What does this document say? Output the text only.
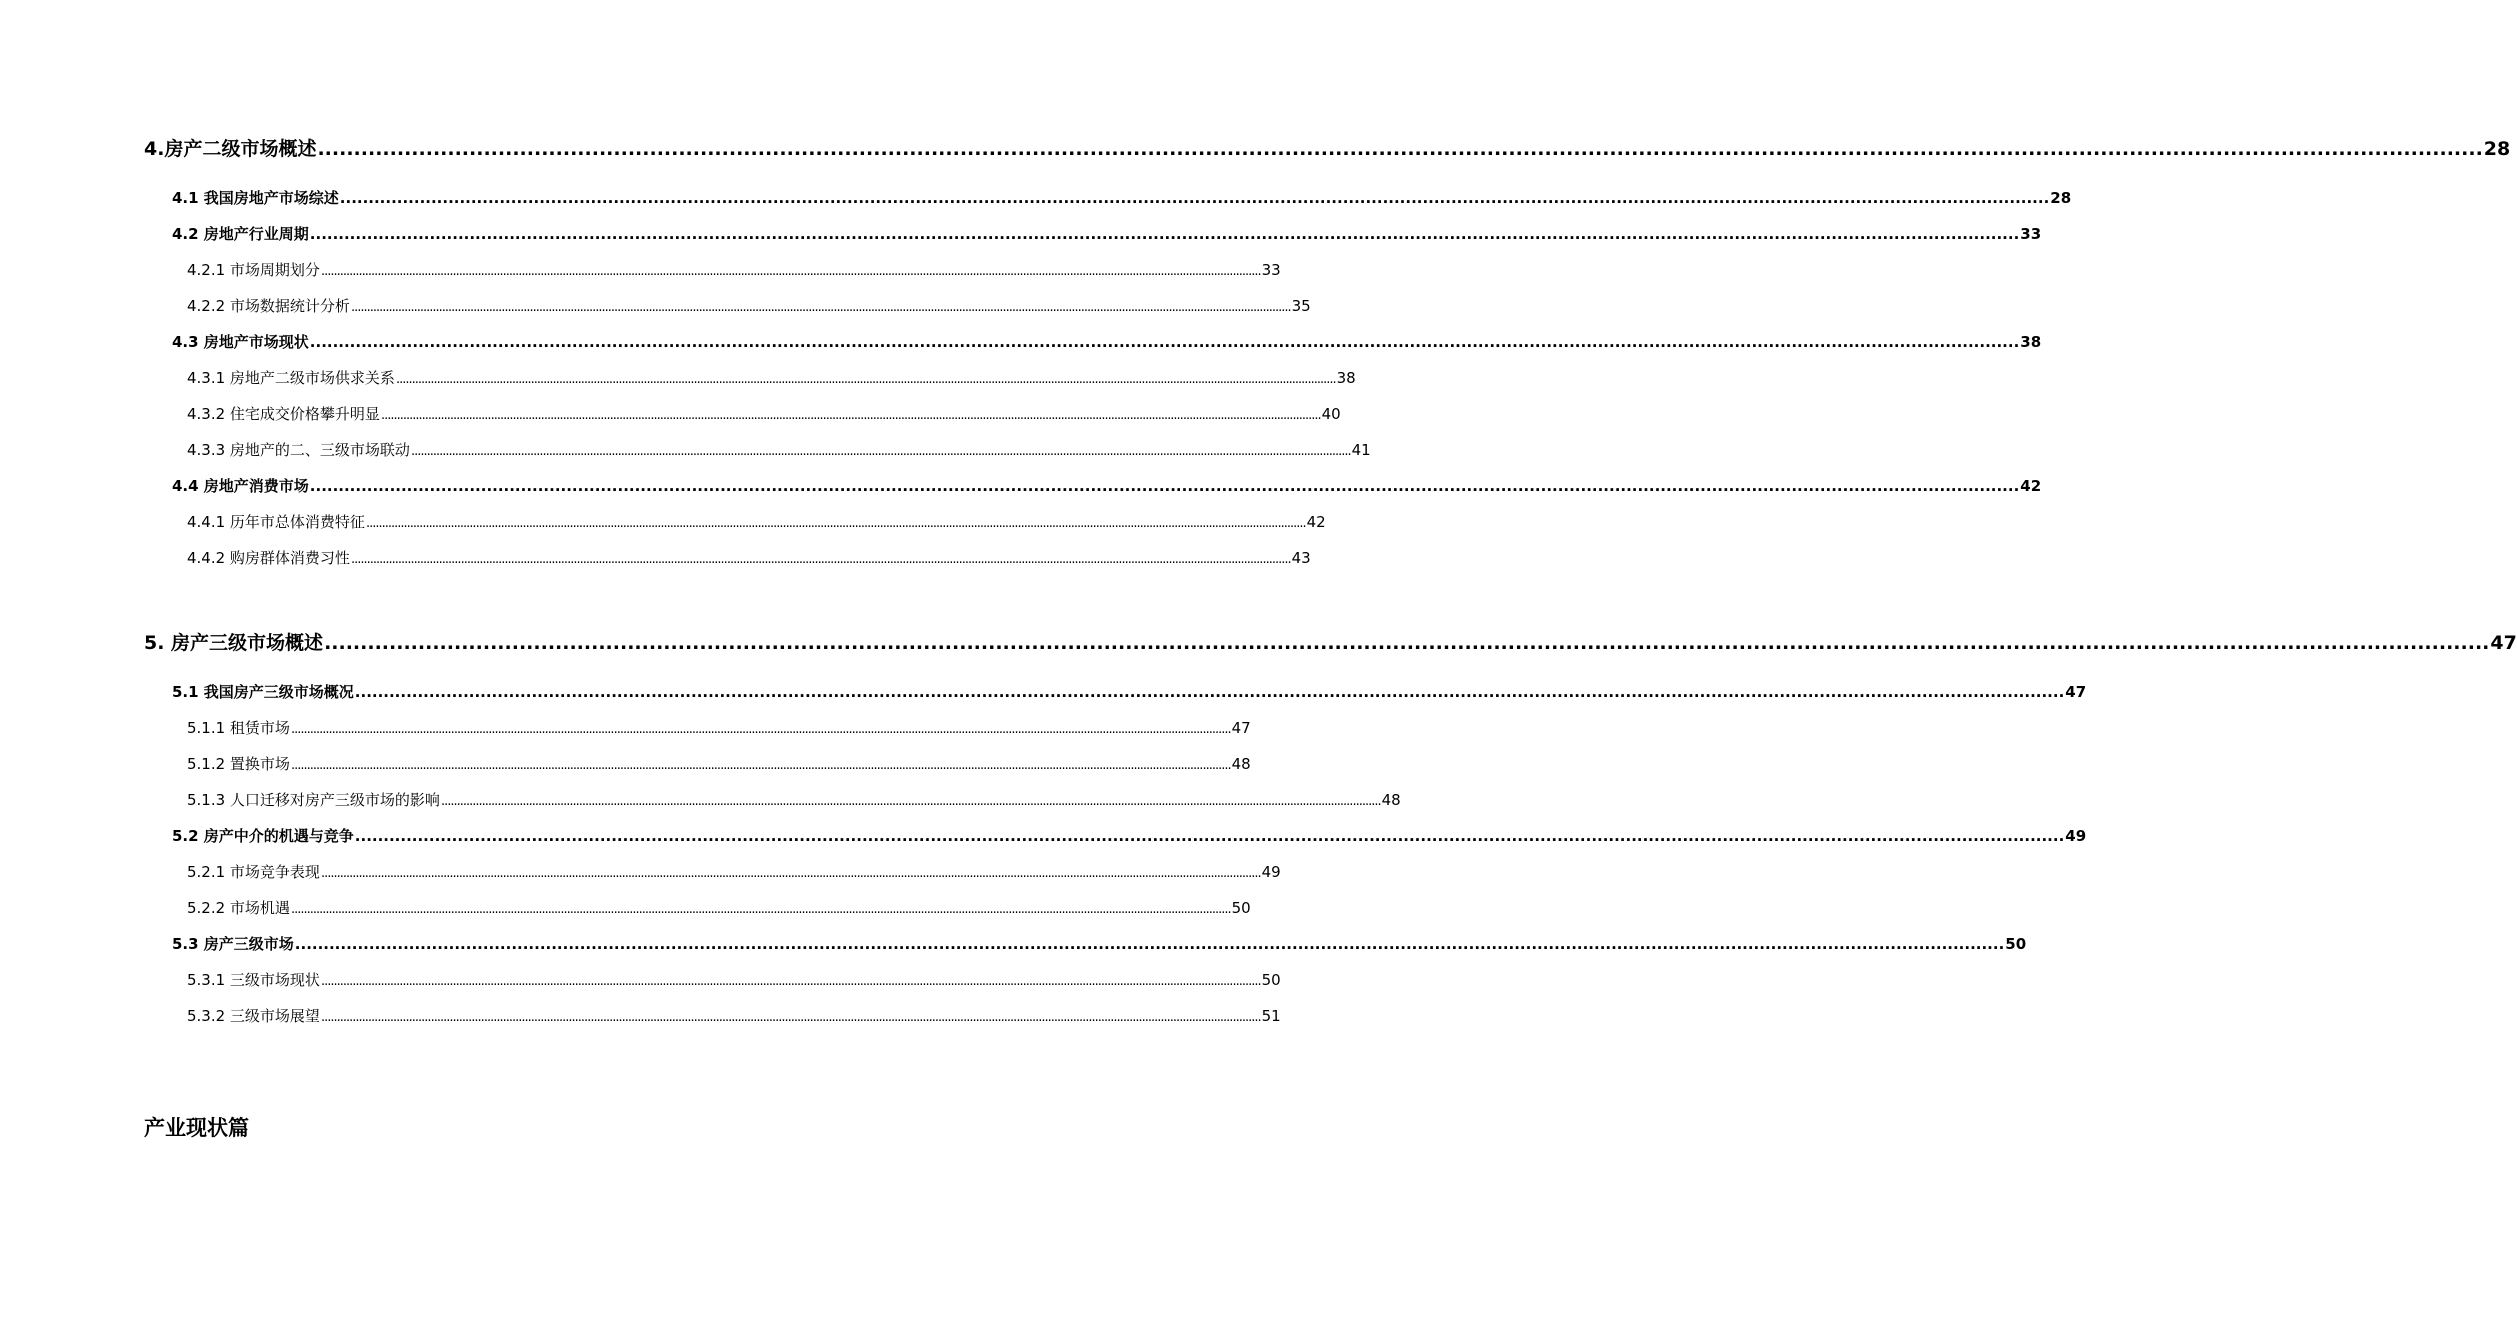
4.房产二级市场概述 ............................................................................................................................................................................................................................................................................................................ 28
4.1 我国房地产市场综述 ............................................................................................................................................................................................................................................................................................................ 28
4.2 房地产行业周期 ............................................................................................................................................................................................................................................................................................................ 33
4.2.1 市场周期划分 ............................................................................................................................................................................................................................................................................................................ 33
4.2.2 市场数据统计分析 ............................................................................................................................................................................................................................................................................................................ 35
4.3 房地产市场现状 ............................................................................................................................................................................................................................................................................................................ 38
4.3.1 房地产二级市场供求关系 ............................................................................................................................................................................................................................................................................................................ 38
4.3.2 住宅成交价格攀升明显 ............................................................................................................................................................................................................................................................................................................ 40
4.3.3 房地产的二、三级市场联动 ............................................................................................................................................................................................................................................................................................................ 41
4.4 房地产消费市场 ............................................................................................................................................................................................................................................................................................................ 42
4.4.1 历年市总体消费特征 ............................................................................................................................................................................................................................................................................................................ 42
4.4.2 购房群体消费习性 ............................................................................................................................................................................................................................................................................................................ 43
5. 房产三级市场概述 ............................................................................................................................................................................................................................................................................................................ 47
5.1 我国房产三级市场概况 ............................................................................................................................................................................................................................................................................................................ 47
5.1.1 租赁市场 ............................................................................................................................................................................................................................................................................................................ 47
5.1.2 置换市场 ............................................................................................................................................................................................................................................................................................................ 48
5.1.3 人口迁移对房产三级市场的影响 ............................................................................................................................................................................................................................................................................................................ 48
5.2 房产中介的机遇与竞争 ............................................................................................................................................................................................................................................................................................................ 49
5.2.1 市场竞争表现 ............................................................................................................................................................................................................................................................................................................ 49
5.2.2 市场机遇 ............................................................................................................................................................................................................................................................................................................ 50
5.3 房产三级市场 ............................................................................................................................................................................................................................................................................................................ 50
5.3.1 三级市场现状 ............................................................................................................................................................................................................................................................................................................ 50
5.3.2 三级市场展望 ............................................................................................................................................................................................................................................................................................................ 51
产业现状篇
